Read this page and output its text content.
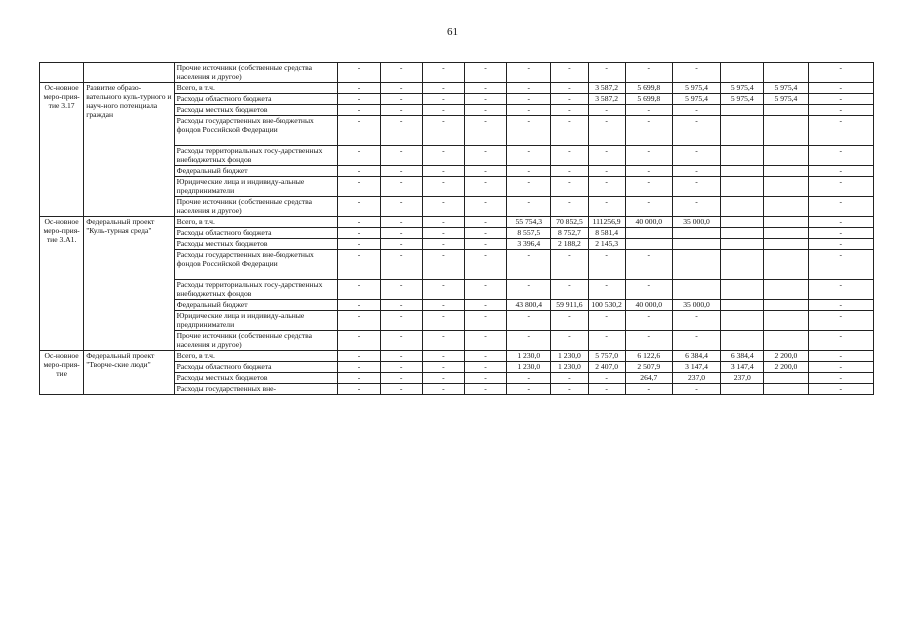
61
		Прочие источники (собственные средства населения и другое)	-	-	-	-	-	-	-	-	-			-
Ос-новное меро-прия-тие 3.17	Развитие образо-вательного куль-турного и науч-ного потенциала граждан	Всего, в т.ч.	-	-	-	-	-	-	3 587,2	5 699,8	5 975,4	5 975,4	5 975,4	-
		Расходы областного бюджета	-	-	-	-	-	-	3 587,2	5 699,8	5 975,4	5 975,4	5 975,4	-
		Расходы местных бюджетов	-	-	-	-	-	-	-	-	-			-
		Расходы государственных вне-бюджетных фондов Российской Федерации	-	-	-	-	-	-	-	-	-			-
		Расходы территориальных госу-дарственных внебюджетных фондов	-	-	-	-	-	-	-	-	-			-
		Федеральный бюджет	-	-	-	-	-	-	-	-	-			-
		Юридические лица и индивиду-альные предприниматели	-	-	-	-	-	-	-	-	-			-
		Прочие источники (собственные средства населения и другое)	-	-	-	-	-	-	-	-	-			-
Ос-новное меро-прия-тие 3.А1.	Федеральный проект "Куль-турная среда"	Всего, в т.ч.	-	-	-	-	55 754,3	70 852,5	111256,9	40 000,0	35 000,0			-
		Расходы областного бюджета	-	-	-	-	8 557,5	8 752,7	8 581,4					-
		Расходы местных бюджетов	-	-	-	-	3 396,4	2 188,2	2 145,3					-
		Расходы государственных вне-бюджетных фондов Российской Федерации	-	-	-	-	-	-	-	-				-
		Расходы территориальных госу-дарственных внебюджетных фондов	-	-	-	-	-	-	-	-				-
		Федеральный бюджет	-	-	-	-	43 800,4	59 911,6	100 530,2	40 000,0	35 000,0			-
		Юридические лица и индивиду-альные предприниматели	-	-	-	-	-	-	-	-	-			-
		Прочие источники (собственные средства населения и другое)	-	-	-	-	-	-	-	-	-			-
Ос-новное меро-прия-тие	Федеральный проект "Творче-ские люди"	Всего, в т.ч.	-	-	-	-	1 230,0	1 230,0	5 757,0	6 122,6	6 384,4	6 384,4	2 200,0	-
		Расходы областного бюджета	-	-	-	-	1 230,0	1 230,0	2 407,0	2 507,9	3 147,4	3 147,4	2 200,0	-
		Расходы местных бюджетов	-	-	-	-	-	-	-	264,7	237,0	237,0		-
		Расходы государственных вне-	-	-	-	-	-	-	-	-	-			-
